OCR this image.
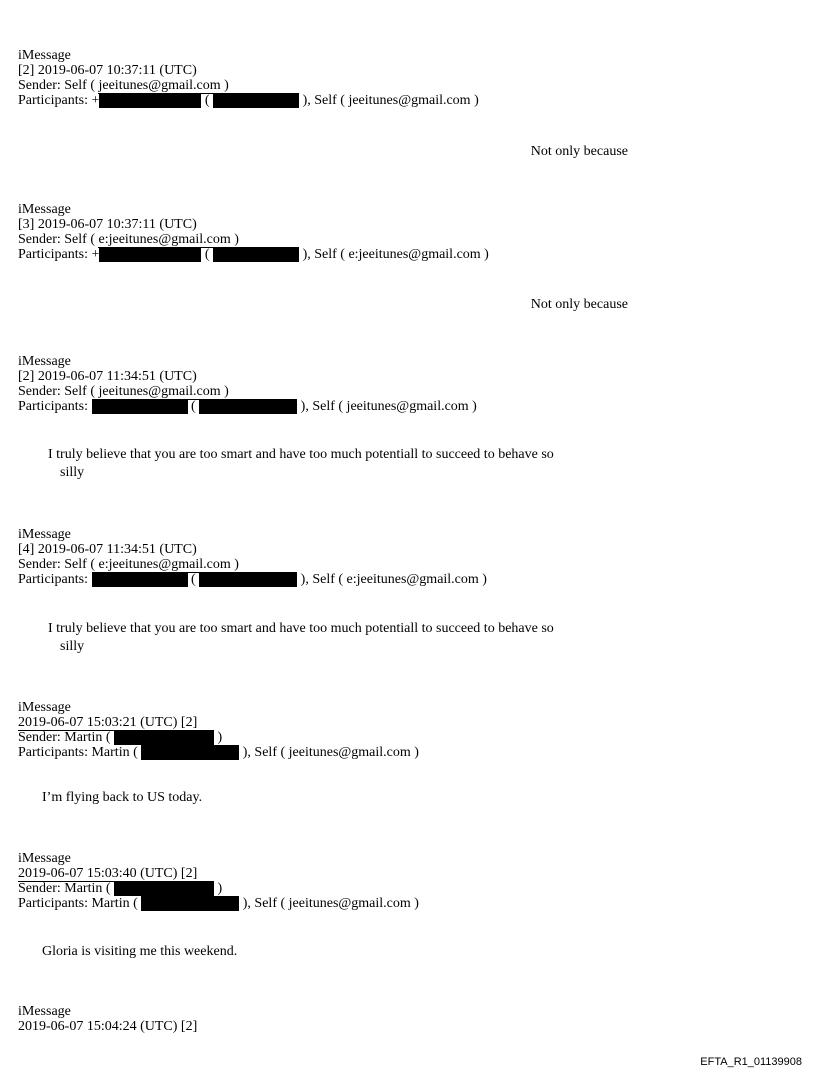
iMessage
[2] 2019-06-07 10:37:11 (UTC)
Sender: Self ( jeeitunes@gmail.com )
Participants: +	(	), Self ( jeeitunes@gmail.com )
Not only because
iMessage
[3] 2019-06-07 10:37:11 (UTC)
Sender: Self ( e:jeeitunes@gmail.com )
Participants: +	(	), Self ( e:jeeitunes@gmail.com )
Not only because
iMessage
[2] 2019-06-07 11:34:51 (UTC)
Sender: Self ( jeeitunes@gmail.com )
Participants:	(	), Self ( jeeitunes@gmail.com )
I truly believe that you are too smart and have too much potentiall to succeed to behave so
silly
iMessage
[4] 2019-06-07 11:34:51 (UTC)
Sender: Self ( e:jeeitunes@gmail.com )
Participants:	(	), Self ( e:jeeitunes@gmail.com )
I truly believe that you are too smart and have too much potentiall to succeed to behave so
silly
iMessage
2019-06-07 15:03:21 (UTC) [2]
Sender: Martin (	)
Participants: Martin (	), Self ( jeeitunes@gmail.com )
I’m flying back to US today.
iMessage
2019-06-07 15:03:40 (UTC) [2]
Sender: Martin (	)
Participants: Martin (	), Self ( jeeitunes@gmail.com )
Gloria is visiting me this weekend.
iMessage
2019-06-07 15:04:24 (UTC) [2]
EFTA_R1_01139908
